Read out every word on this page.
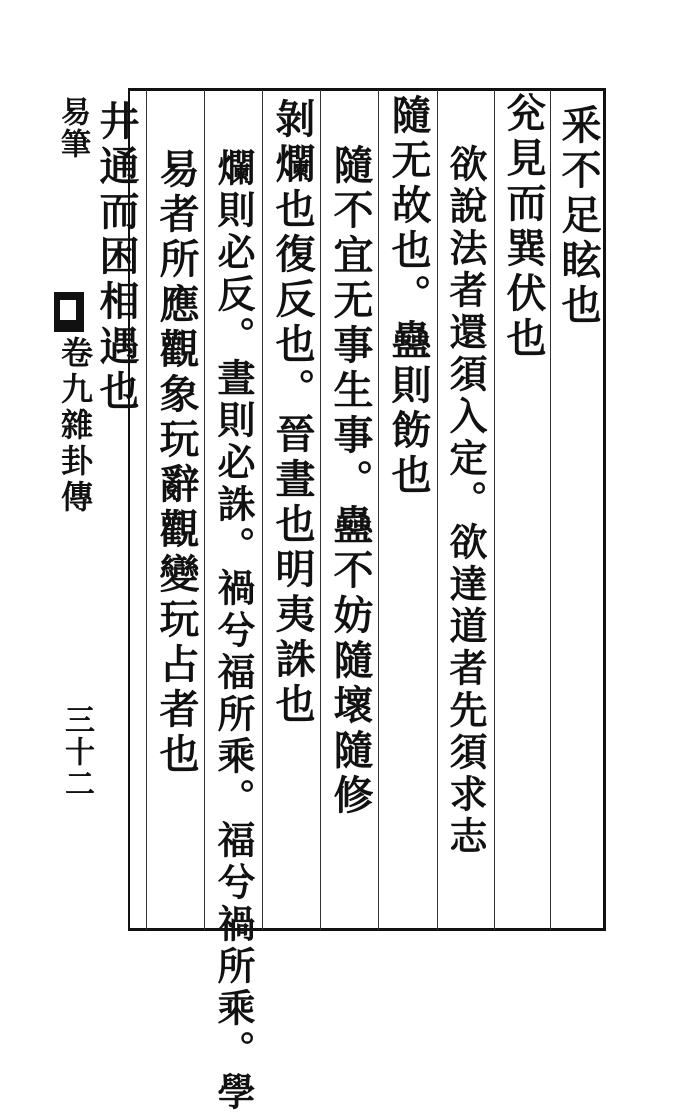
易筆
卷九雜卦傳
三十二
釆不足眩也
兊見而巽伏也
欲說法者還須入定。欲達道者先須求志
隨无故也。蠱則飭也
隨不宜无事生事。蠱不妨隨壞隨修
剝爛也復反也。晉晝也明夷誅也
爛則必反。晝則必誅。禍兮福所乘。福兮禍所乘。學
易者所應觀象玩辭觀變玩占者也
井通而困相遇也
